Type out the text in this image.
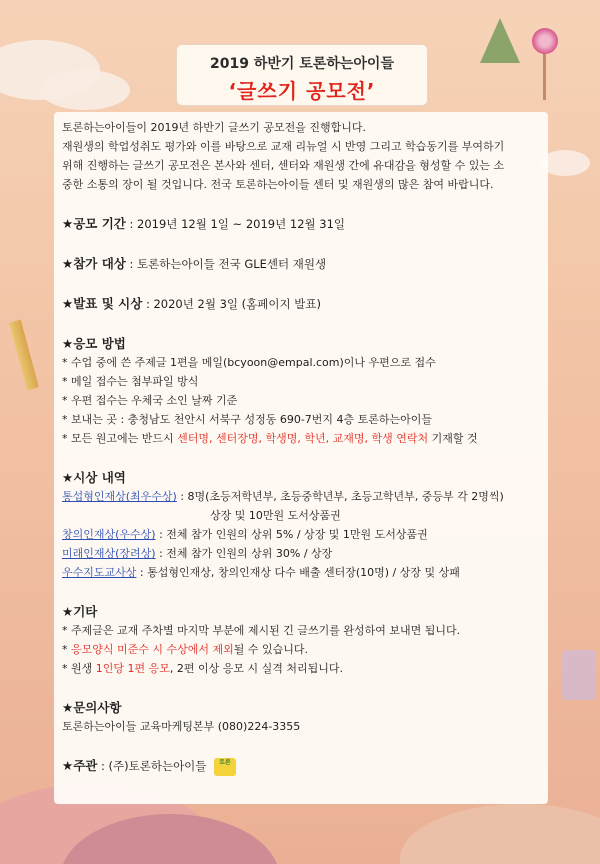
2019 하반기 토론하는아이들
‘글쓰기 공모전’

토론하는아이들이 2019년 하반기 글쓰기 공모전을 진행합니다.

재원생의 학업성취도 평가와 이를 바탕으로 교재 리뉴얼 시 반영 그리고 학습동기를 부여하기

위해 진행하는 글쓰기 공모전은 본사와 센터, 센터와 재원생 간에 유대감을 형성할 수 있는 소

중한 소통의 장이 될 것입니다. 전국 토론하는아이들 센터 및 재원생의 많은 참여 바랍니다.

★공모 기간 : 2019년 12월 1일 ~ 2019년 12월 31일
★참가 대상 : 토론하는아이들 전국 GLE센터 재원생
★발표 및 시상 : 2020년 2월 3일 (홈페이지 발표)
★응모 방법
* 수업 중에 쓴 주제글 1편을 메일(bcyoon@empal.com)이나 우편으로 접수
* 메일 접수는 첨부파일 방식
* 우편 접수는 우체국 소인 날짜 기준
* 보내는 곳 : 충청남도 천안시 서북구 성정동 690-7번지 4층 토론하는아이들
* 모든 원고에는 반드시 센터명, 센터장명, 학생명, 학년, 교재명, 학생 연락처 기재할 것
★시상 내역
통섭형인재상(최우수상) : 8명(초등저학년부, 초등중학년부, 초등고학년부, 중등부 각 2명씩)
상장 및 10만원 도서상품권
창의인재상(우수상) : 전체 참가 인원의 상위 5% / 상장 및 1만원 도서상품권
미래인재상(장려상) : 전체 참가 인원의 상위 30% / 상장
우수지도교사상 : 통섭형인재상, 창의인재상 다수 배출 센터장(10명) / 상장 및 상패
★기타
* 주제글은 교재 주차별 마지막 부분에 제시된 긴 글쓰기를 완성하여 보내면 됩니다.
* 응모양식 미준수 시 수상에서 제외될 수 있습니다.
* 원생 1인당 1편 응모, 2편 이상 응모 시 실격 처리됩니다.
★문의사항
토론하는아이들 교육마케팅본부 (080)224-3355
★주관 : (주)토론하는아이들 토론
